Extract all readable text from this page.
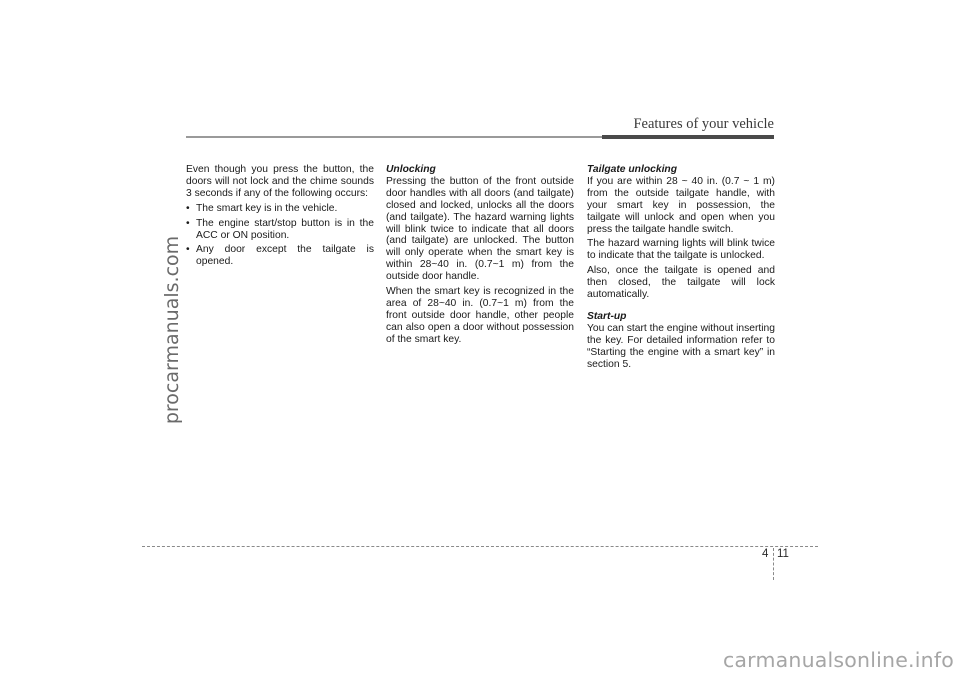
procarmanuals.com
Features of your vehicle

Even though you press the button, the doors will not lock and the chime sounds 3 seconds if any of the following occurs:

• The smart key is in the vehicle.
• The engine start/stop button is in the ACC or ON position.
• Any door except the tailgate is opened.
Unlocking

Pressing the button of the front outside door handles with all doors (and tailgate) closed and locked, unlocks all the doors (and tailgate). The hazard warning lights will blink twice to indicate that all doors (and tailgate) are unlocked. The button will only operate when the smart key is within 28~40 in. (0.7~1 m) from the outside door handle.

When the smart key is recognized in the area of 28~40 in. (0.7~1 m) from the front outside door handle, other people can also open a door without possession of the smart key.

Tailgate unlocking

If you are within 28 ~ 40 in. (0.7 ~ 1 m) from the outside tailgate handle, with your smart key in possession, the tailgate will unlock and open when you press the tailgate handle switch.

The hazard warning lights will blink twice to indicate that the tailgate is unlocked.

Also, once the tailgate is opened and then closed, the tailgate will lock automatically.

Start-up

You can start the engine without inserting the key. For detailed information refer to “Starting the engine with a smart key” in section 5.

4 11
carmanualsonline.info
